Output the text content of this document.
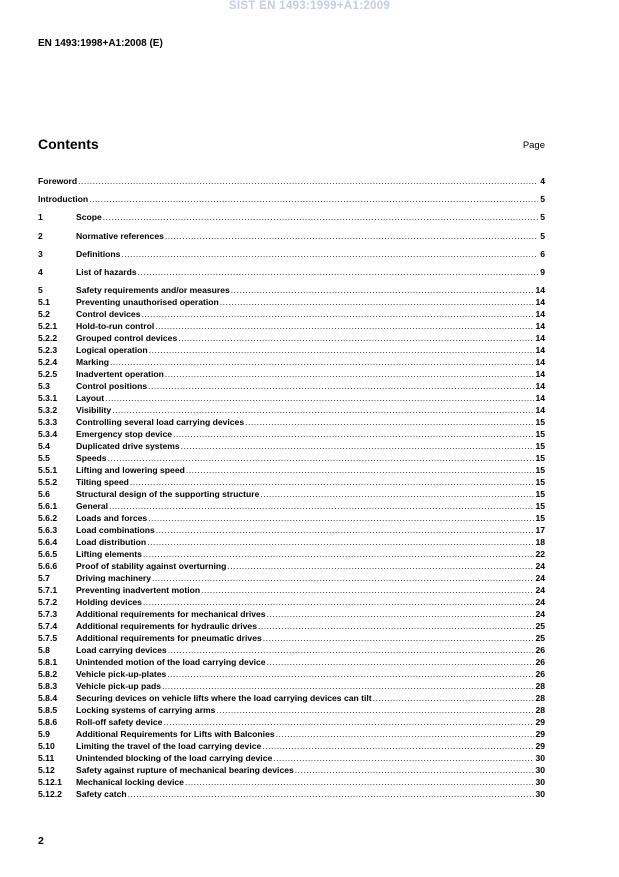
SIST EN 1493:1999+A1:2009
EN 1493:1998+A1:2008 (E)
Contents	Page
Foreword .....	4
Introduction .....	5
1	Scope .....	5
2	Normative references .....	5
3	Definitions .....	6
4	List of hazards .....	9
5	Safety requirements and/or measures .....	14
5.1	Preventing unauthorised operation .....	14
5.2	Control devices .....	14
5.2.1	Hold-to-run control .....	14
5.2.2	Grouped control devices .....	14
5.2.3	Logical operation .....	14
5.2.4	Marking .....	14
5.2.5	Inadvertent operation .....	14
5.3	Control positions .....	14
5.3.1	Layout .....	14
5.3.2	Visibility .....	14
5.3.3	Controlling several load carrying devices .....	15
5.3.4	Emergency stop device .....	15
5.4	Duplicated drive systems .....	15
5.5	Speeds .....	15
5.5.1	Lifting and lowering speed .....	15
5.5.2	Tilting speed .....	15
5.6	Structural design of the supporting structure .....	15
5.6.1	General .....	15
5.6.2	Loads and forces .....	15
5.6.3	Load combinations .....	17
5.6.4	Load distribution .....	18
5.6.5	Lifting elements .....	22
5.6.6	Proof of stability against overturning .....	24
5.7	Driving machinery .....	24
5.7.1	Preventing inadvertent motion .....	24
5.7.2	Holding devices .....	24
5.7.3	Additional requirements for mechanical drives .....	24
5.7.4	Additional requirements for hydraulic drives .....	25
5.7.5	Additional requirements for pneumatic drives .....	25
5.8	Load carrying devices .....	26
5.8.1	Unintended motion of the load carrying device .....	26
5.8.2	Vehicle pick-up-plates .....	26
5.8.3	Vehicle pick-up pads .....	28
5.8.4	Securing devices on vehicle lifts where the load carrying devices can tilt .....	28
5.8.5	Locking systems of carrying arms .....	28
5.8.6	Roll-off safety device .....	29
5.9	Additional Requirements for Lifts with Balconies .....	29
5.10	Limiting the travel of the load carrying device .....	29
5.11	Unintended blocking of the load carrying device .....	30
5.12	Safety against rupture of mechanical bearing devices .....	30
5.12.1	Mechanical locking device .....	30
5.12.2	Safety catch .....	30
2
